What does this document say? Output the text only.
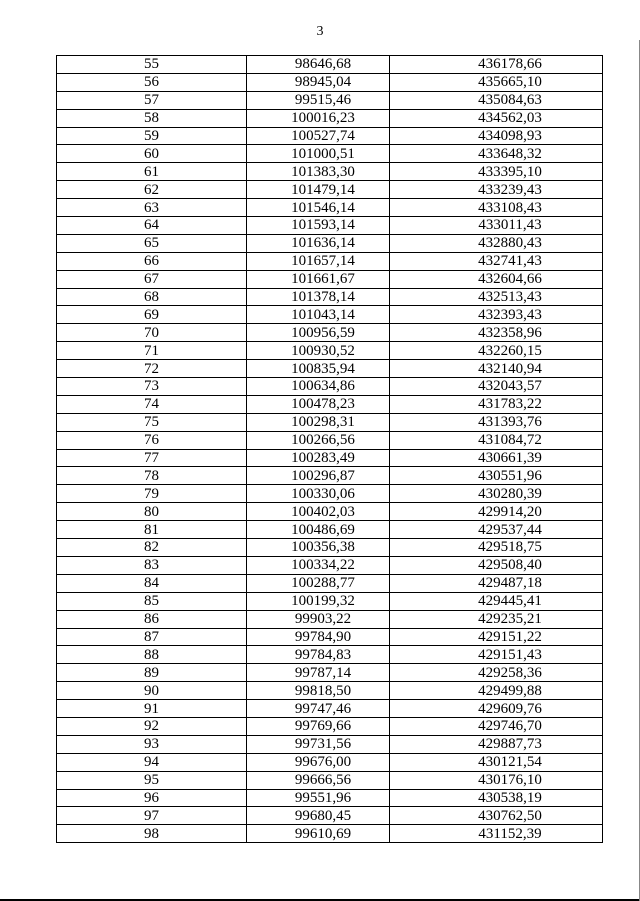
3
55	98646,68	436178,66
56	98945,04	435665,10
57	99515,46	435084,63
58	100016,23	434562,03
59	100527,74	434098,93
60	101000,51	433648,32
61	101383,30	433395,10
62	101479,14	433239,43
63	101546,14	433108,43
64	101593,14	433011,43
65	101636,14	432880,43
66	101657,14	432741,43
67	101661,67	432604,66
68	101378,14	432513,43
69	101043,14	432393,43
70	100956,59	432358,96
71	100930,52	432260,15
72	100835,94	432140,94
73	100634,86	432043,57
74	100478,23	431783,22
75	100298,31	431393,76
76	100266,56	431084,72
77	100283,49	430661,39
78	100296,87	430551,96
79	100330,06	430280,39
80	100402,03	429914,20
81	100486,69	429537,44
82	100356,38	429518,75
83	100334,22	429508,40
84	100288,77	429487,18
85	100199,32	429445,41
86	99903,22	429235,21
87	99784,90	429151,22
88	99784,83	429151,43
89	99787,14	429258,36
90	99818,50	429499,88
91	99747,46	429609,76
92	99769,66	429746,70
93	99731,56	429887,73
94	99676,00	430121,54
95	99666,56	430176,10
96	99551,96	430538,19
97	99680,45	430762,50
98	99610,69	431152,39
